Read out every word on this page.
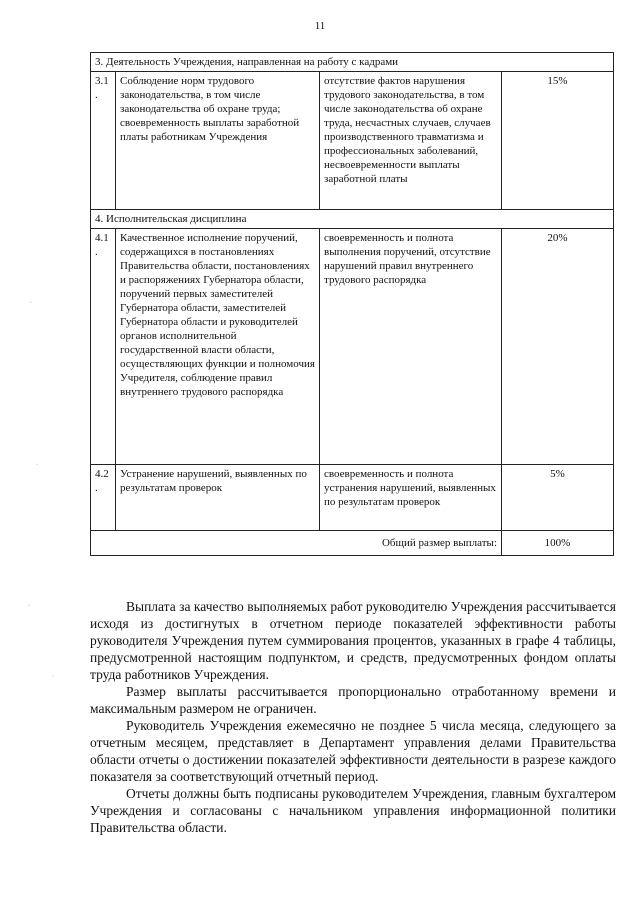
11
·
·
·
·
3. Деятельность Учреждения, направленная на работу с кадрами			
3.1.	Соблюдение норм трудового законодательства, в том числе законодательства об охране труда; своевременность выплаты заработной платы работникам Учреждения	отсутствие фактов нарушения трудового законодательства, в том числе законодательства об охране труда, несчастных случаев, случаев производственного травматизма и профессиональных заболеваний, несвоевременности выплаты заработной платы	15%
4. Исполнительская дисциплина			
4.1.	Качественное исполнение поручений, содержащихся в постановлениях Правительства области, постановлениях и распоряжениях Губернатора области, поручений первых заместителей Губернатора области, заместителей Губернатора области и руководителей органов исполнительной государственной власти области, осуществляющих функции и полномочия Учредителя, соблюдение правил внутреннего трудового распорядка	своевременность и полнота выполнения поручений, отсутствие нарушений правил внутреннего трудового распорядка	20%
4.2.	Устранение нарушений, выявленных по результатам проверок	своевременность и полнота устранения нарушений, выявленных по результатам проверок	5%
Общий размер выплаты:			100%

Выплата за качество выполняемых работ руководителю Учреждения рассчитывается исходя из достигнутых в отчетном периоде показателей эффективности работы руководителя Учреждения путем суммирования процентов, указанных в графе 4 таблицы, предусмотренной настоящим подпунктом, и средств, предусмотренных фондом оплаты труда работников Учреждения.

Размер выплаты рассчитывается пропорционально отработанному времени и максимальным размером не ограничен.

Руководитель Учреждения ежемесячно не позднее 5 числа месяца, следующего за отчетным месяцем, представляет в Департамент управления делами Правительства области отчеты о достижении показателей эффективности деятельности в разрезе каждого показателя за соответствующий отчетный период.

Отчеты должны быть подписаны руководителем Учреждения, главным бухгалтером Учреждения и согласованы с начальником управления информационной политики Правительства области.
